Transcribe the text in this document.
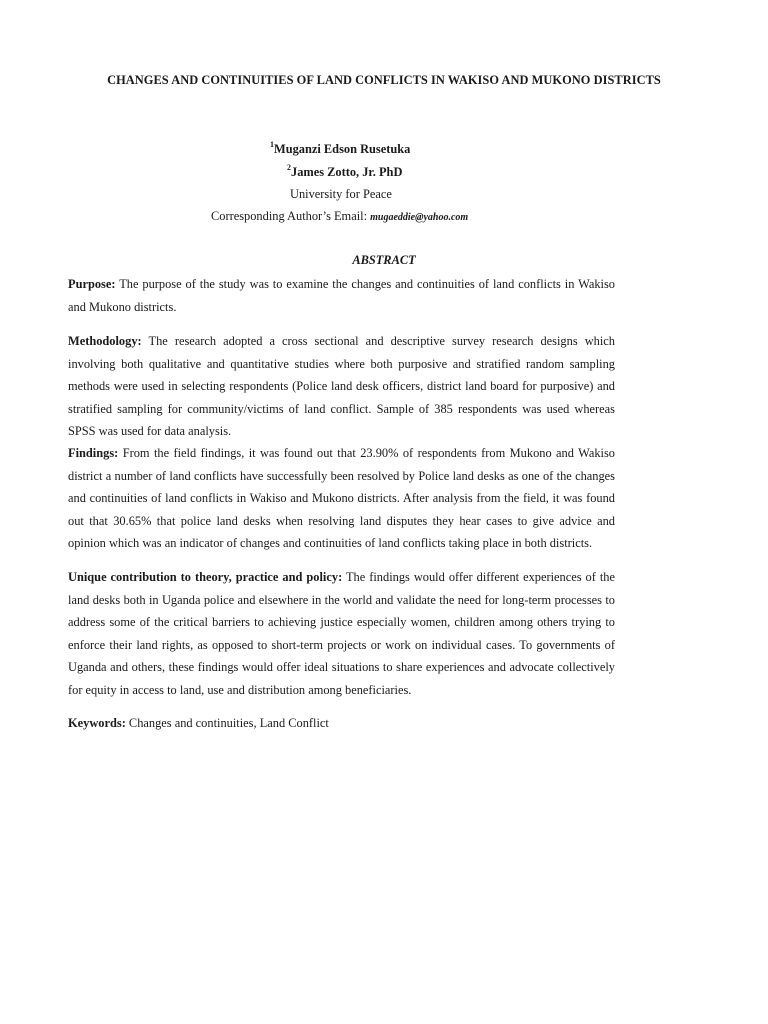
CHANGES AND CONTINUITIES OF LAND CONFLICTS IN WAKISO AND MUKONO DISTRICTS
$^1$Muganzi Edson Rusetuka
$^2$James Zotto, Jr. PhD
University for Peace
Corresponding Author’s Email: mugaeddie@yahoo.com
ABSTRACT
Purpose: The purpose of the study was to examine the changes and continuities of land conflicts in Wakiso and Mukono districts.
Methodology: The research adopted a cross sectional and descriptive survey research designs which involving both qualitative and quantitative studies where both purposive and stratified random sampling methods were used in selecting respondents (Police land desk officers, district land board for purposive) and stratified sampling for community/victims of land conflict. Sample of 385 respondents was used whereas SPSS was used for data analysis.
Findings: From the field findings, it was found out that 23.90% of respondents from Mukono and Wakiso district a number of land conflicts have successfully been resolved by Police land desks as one of the changes and continuities of land conflicts in Wakiso and Mukono districts. After analysis from the field, it was found out that 30.65% that police land desks when resolving land disputes they hear cases to give advice and opinion which was an indicator of changes and continuities of land conflicts taking place in both districts.
Unique contribution to theory, practice and policy: The findings would offer different experiences of the land desks both in Uganda police and elsewhere in the world and validate the need for long-term processes to address some of the critical barriers to achieving justice especially women, children among others trying to enforce their land rights, as opposed to short-term projects or work on individual cases. To governments of Uganda and others, these findings would offer ideal situations to share experiences and advocate collectively for equity in access to land, use and distribution among beneficiaries.
Keywords: Changes and continuities, Land Conflict
